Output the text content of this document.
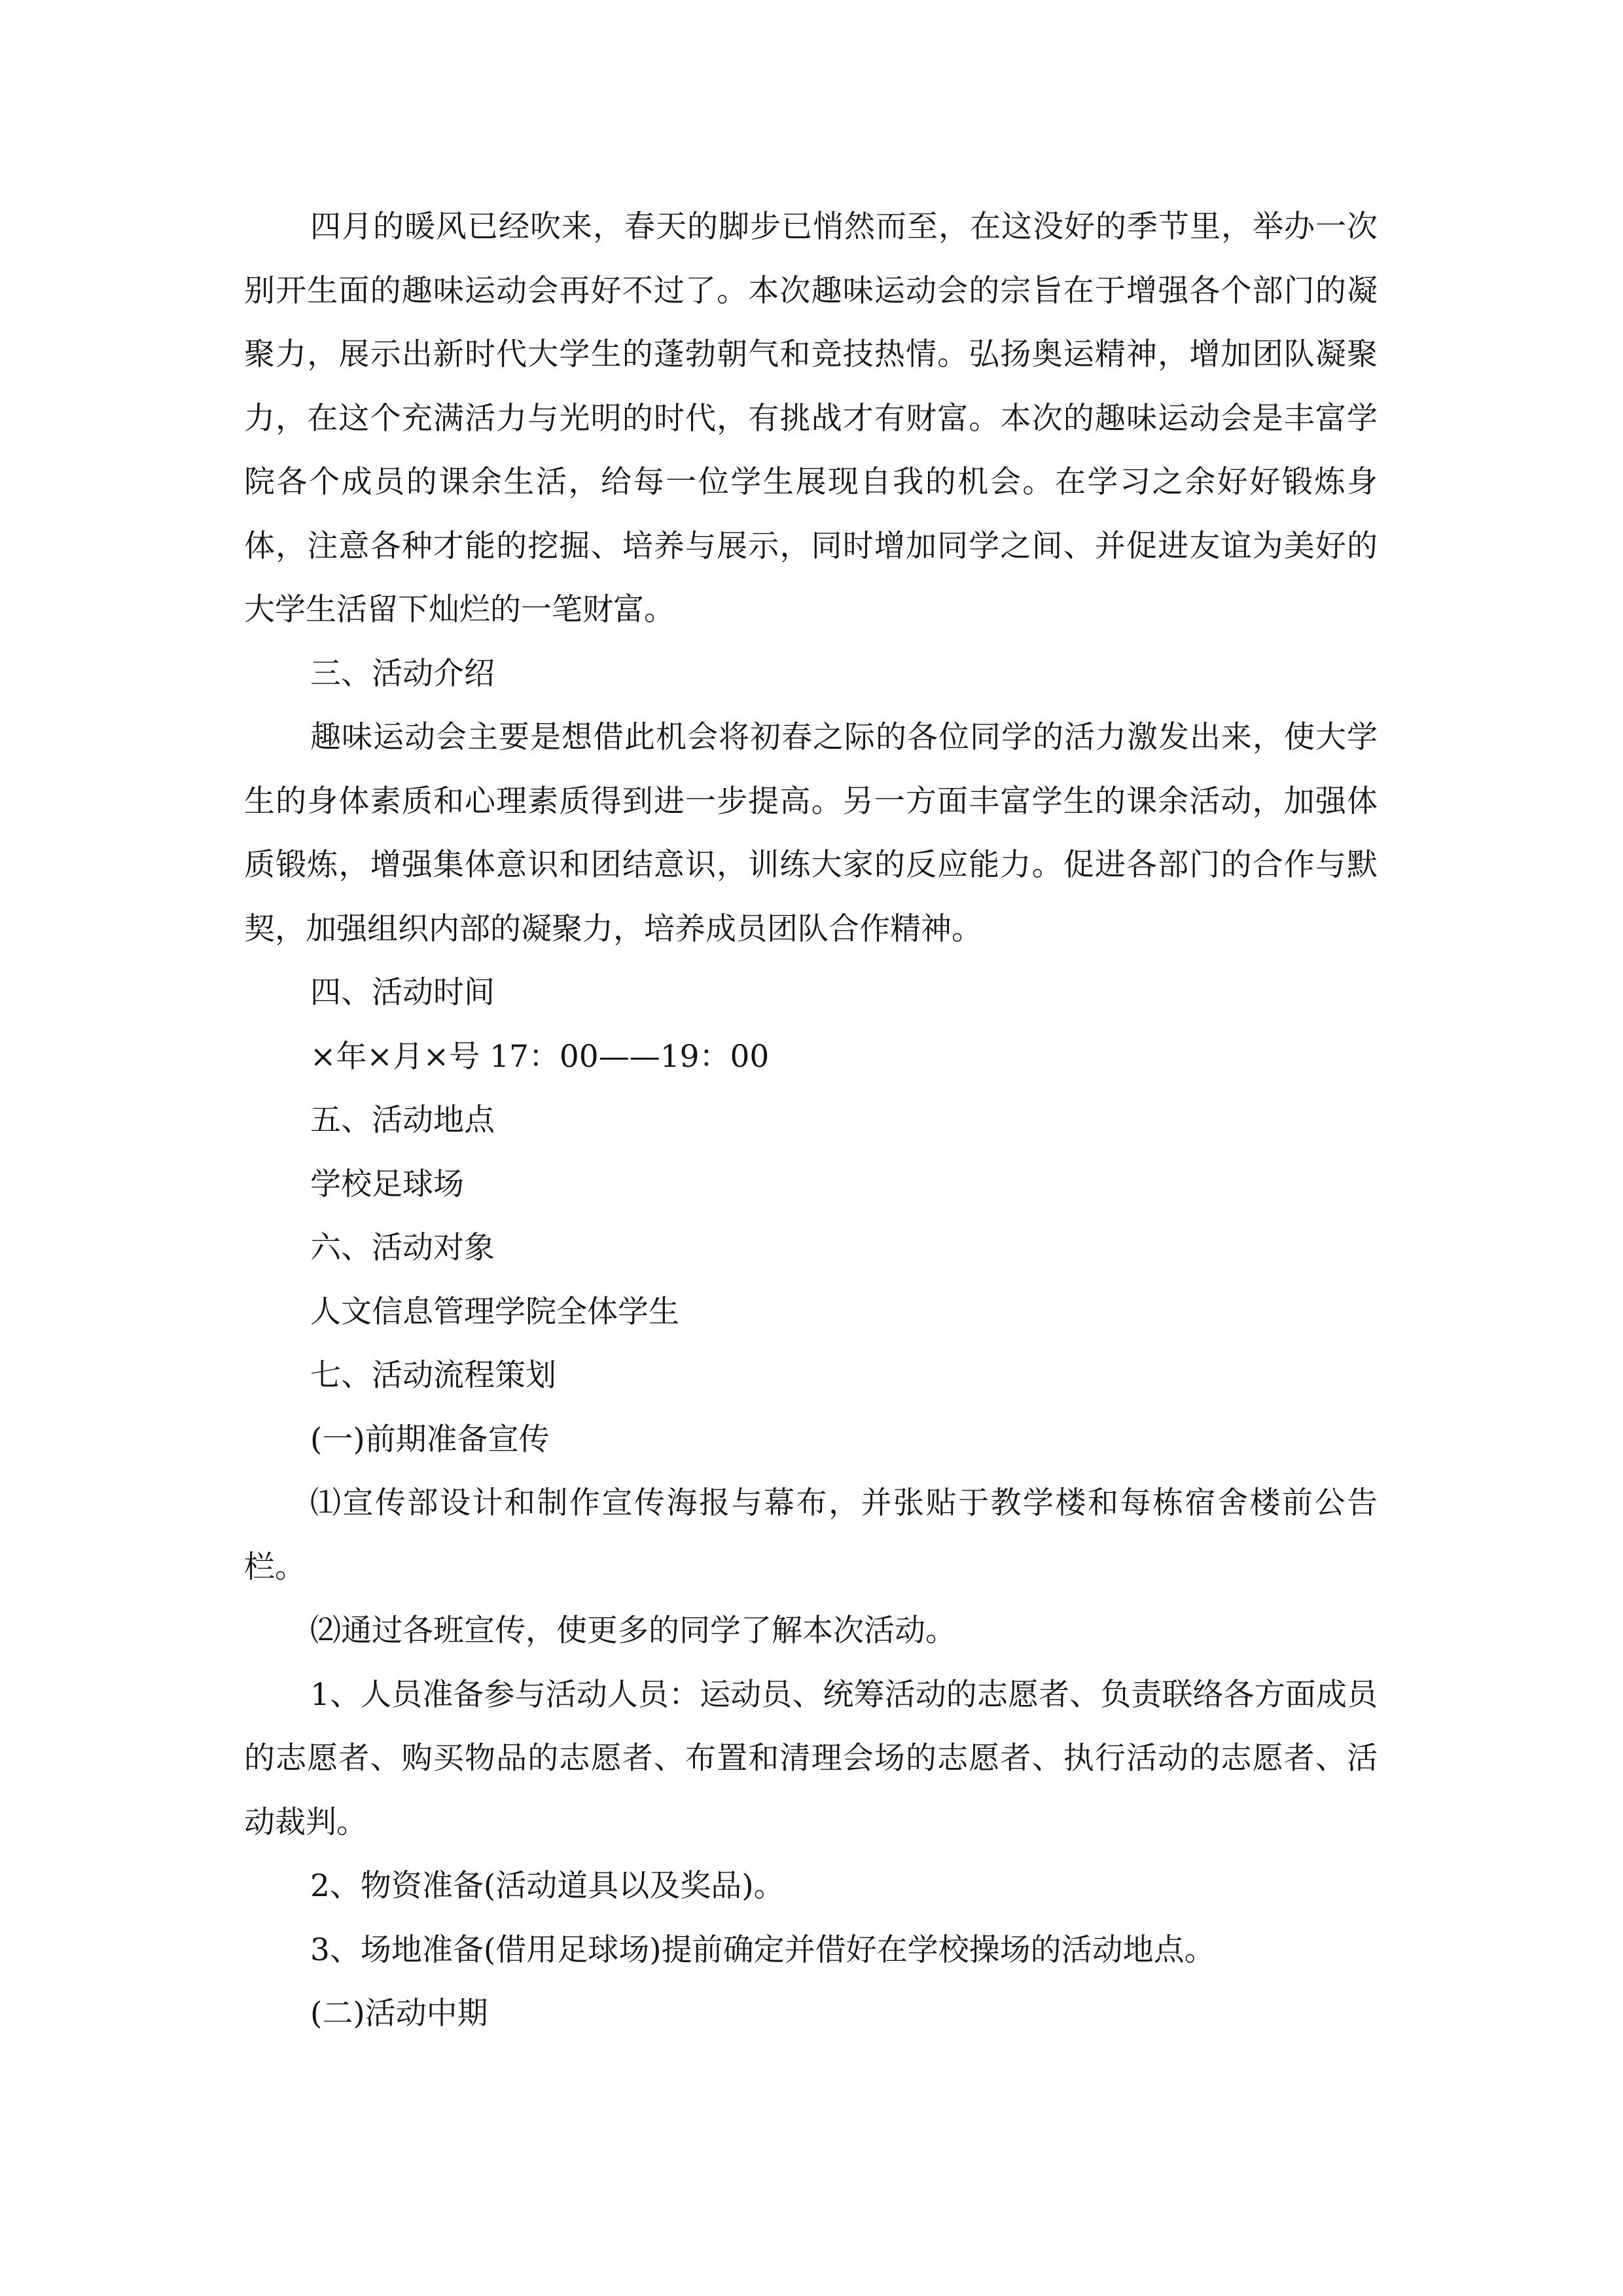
四月的暖风已经吹来，春天的脚步已悄然而至，在这没好的季节里，举办一次别开生面的趣味运动会再好不过了。本次趣味运动会的宗旨在于增强各个部门的凝聚力，展示出新时代大学生的蓬勃朝气和竞技热情。弘扬奥运精神，增加团队凝聚力，在这个充满活力与光明的时代，有挑战才有财富。本次的趣味运动会是丰富学院各个成员的课余生活，给每一位学生展现自我的机会。在学习之余好好锻炼身体，注意各种才能的挖掘、培养与展示，同时增加同学之间、并促进友谊为美好的大学生活留下灿烂的一笔财富。

三、活动介绍

趣味运动会主要是想借此机会将初春之际的各位同学的活力激发出来，使大学生的身体素质和心理素质得到进一步提高。另一方面丰富学生的课余活动，加强体质锻炼，增强集体意识和团结意识，训练大家的反应能力。促进各部门的合作与默契，加强组织内部的凝聚力，培养成员团队合作精神。

四、活动时间

×年×月×号 17：00——19：00

五、活动地点

学校足球场

六、活动对象

人文信息管理学院全体学生

七、活动流程策划

(一)前期准备宣传

⑴宣传部设计和制作宣传海报与幕布，并张贴于教学楼和每栋宿舍楼前公告栏。

⑵通过各班宣传，使更多的同学了解本次活动。

1、人员准备参与活动人员：运动员、统筹活动的志愿者、负责联络各方面成员的志愿者、购买物品的志愿者、布置和清理会场的志愿者、执行活动的志愿者、活动裁判。

2、物资准备(活动道具以及奖品)。

3、场地准备(借用足球场)提前确定并借好在学校操场的活动地点。

(二)活动中期
